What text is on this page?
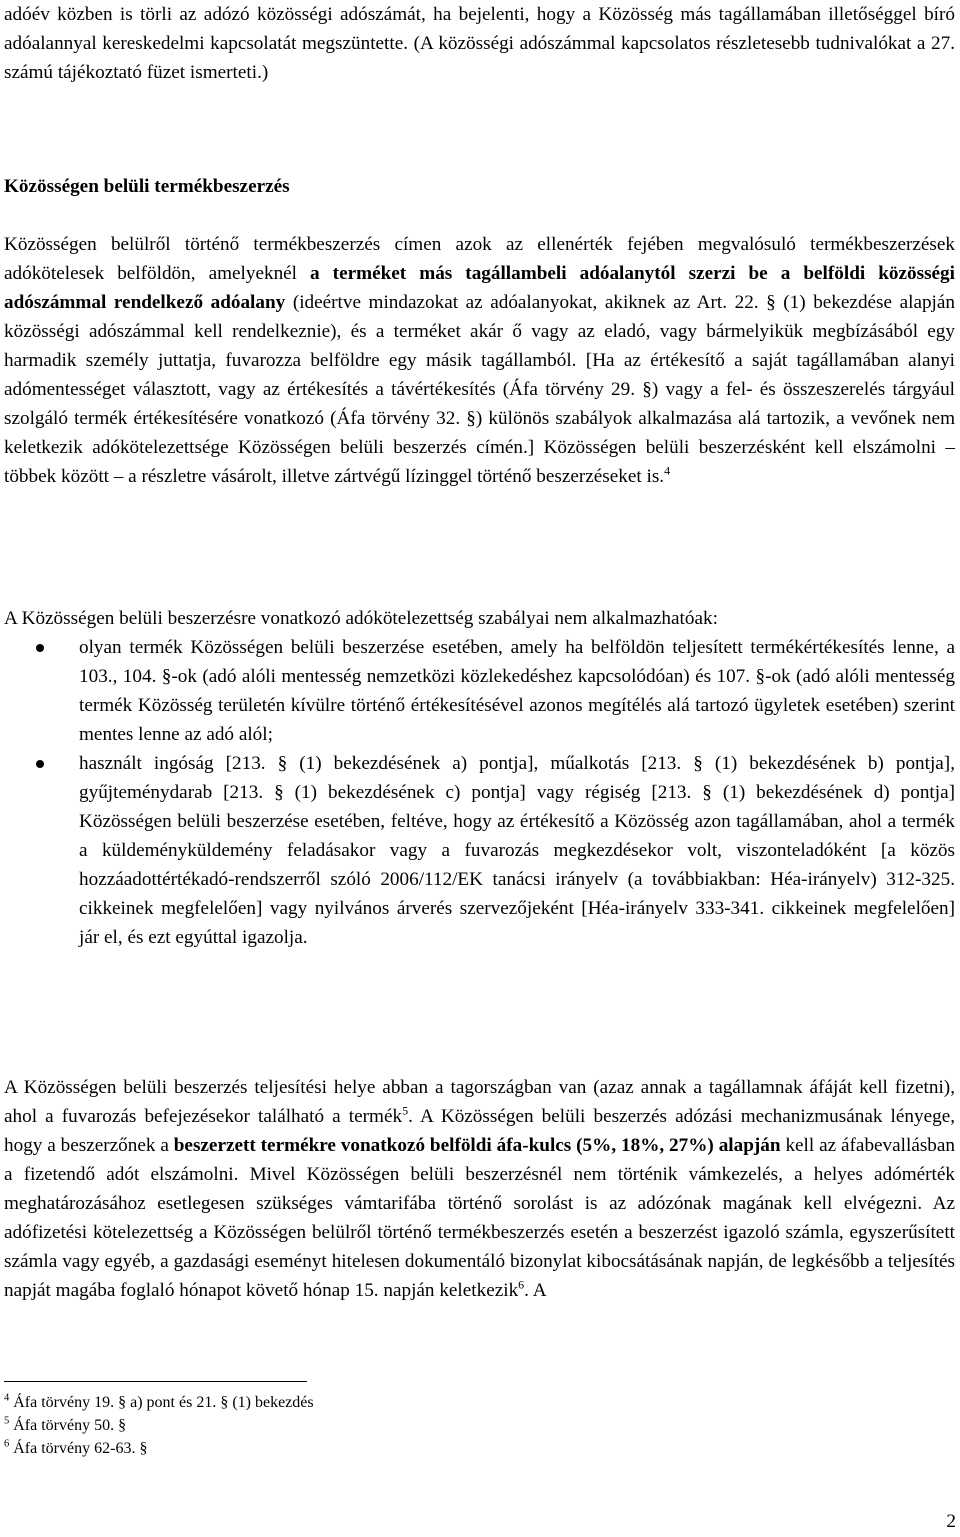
adóév közben is törli az adózó közösségi adószámát, ha bejelenti, hogy a Közösség más tagállamában illetőséggel bíró adóalannyal kereskedelmi kapcsolatát megszüntette. (A közösségi adószámmal kapcsolatos részletesebb tudnivalókat a 27. számú tájékoztató füzet ismerteti.)

Közösségen belüli termékbeszerzés

Közösségen belülről történő termékbeszerzés címen azok az ellenérték fejében megvalósuló termékbeszerzések adókötelesek belföldön, amelyeknél a terméket más tagállambeli adóalanytól szerzi be a belföldi közösségi adószámmal rendelkező adóalany (ideértve mindazokat az adóalanyokat, akiknek az Art. 22. § (1) bekezdése alapján közösségi adószámmal kell rendelkeznie), és a terméket akár ő vagy az eladó, vagy bármelyikük megbízásából egy harmadik személy juttatja, fuvarozza belföldre egy másik tagállamból. [Ha az értékesítő a saját tagállamában alanyi adómentességet választott, vagy az értékesítés a távértékesítés (Áfa törvény 29. §) vagy a fel- és összeszerelés tárgyául szolgáló termék értékesítésére vonatkozó (Áfa törvény 32. §) különös szabályok alkalmazása alá tartozik, a vevőnek nem keletkezik adókötelezettsége Közösségen belüli beszerzés címén.] Közösségen belüli beszerzésként kell elszámolni – többek között – a részletre vásárolt, illetve zártvégű lízinggel történő beszerzéseket is.$^4$

A Közösségen belüli beszerzésre vonatkozó adókötelezettség szabályai nem alkalmazhatóak:

olyan termék Közösségen belüli beszerzése esetében, amely ha belföldön teljesített termékértékesítés lenne, a 103., 104. §-ok (adó alóli mentesség nemzetközi közlekedéshez kapcsolódóan) és 107. §-ok (adó alóli mentesség termék Közösség területén kívülre történő értékesítésével azonos megítélés alá tartozó ügyletek esetében) szerint mentes lenne az adó alól;
használt ingóság [213. § (1) bekezdésének a) pontja], műalkotás [213. § (1) bekezdésének b) pontja], gyűjteménydarab [213. § (1) bekezdésének c) pontja] vagy régiség [213. § (1) bekezdésének d) pontja] Közösségen belüli beszerzése esetében, feltéve, hogy az értékesítő a Közösség azon tagállamában, ahol a termék a küldeményküldemény feladásakor vagy a fuvarozás megkezdésekor volt, viszonteladóként [a közös hozzáadottértékadó-rendszerről szóló 2006/112/EK tanácsi irányelv (a továbbiakban: Héa-irányelv) 312-325. cikkeinek megfelelően] vagy nyilvános árverés szervezőjeként [Héa-irányelv 333-341. cikkeinek megfelelően] jár el, és ezt egyúttal igazolja.

A Közösségen belüli beszerzés teljesítési helye abban a tagországban van (azaz annak a tagállamnak áfáját kell fizetni), ahol a fuvarozás befejezésekor található a termék$^5$. A Közösségen belüli beszerzés adózási mechanizmusának lényege, hogy a beszerzőnek a beszerzett termékre vonatkozó belföldi áfa-kulcs (5%, 18%, 27%) alapján kell az áfabevallásban a fizetendő adót elszámolni. Mivel Közösségen belüli beszerzésnél nem történik vámkezelés, a helyes adómérték meghatározásához esetlegesen szükséges vámtarifába történő sorolást is az adózónak magának kell elvégezni. Az adófizetési kötelezettség a Közösségen belülről történő termékbeszerzés esetén a beszerzést igazoló számla, egyszerűsített számla vagy egyéb, a gazdasági eseményt hitelesen dokumentáló bizonylat kibocsátásának napján, de legkésőbb a teljesítés napját magába foglaló hónapot követő hónap 15. napján keletkezik$^6$. A

$^4$ Áfa törvény 19. § a) pont és 21. § (1) bekezdés
$^5$ Áfa törvény 50. §
$^6$ Áfa törvény 62-63. §
2
